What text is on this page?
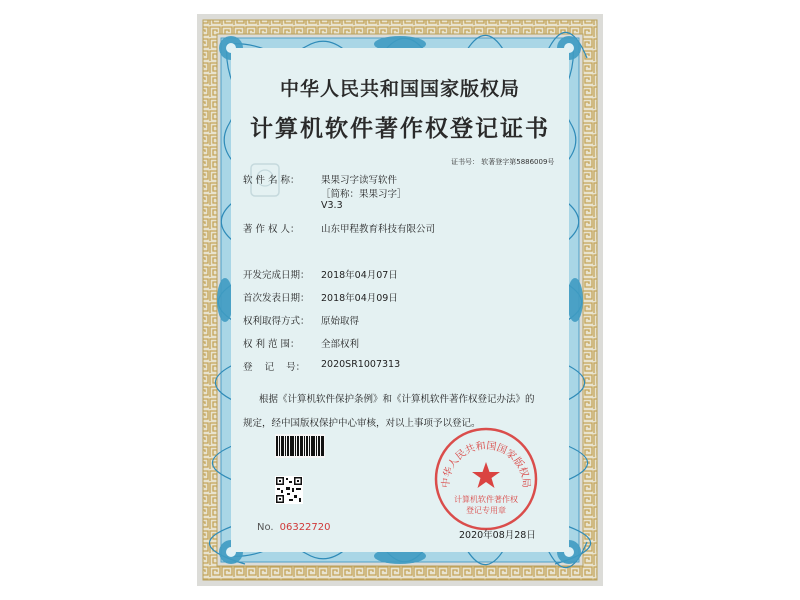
中华人民共和国国家版权局
计算机软件著作权登记证书
证书号： 软著登字第5886009号
软 件 名 称： 果果习字读写软件
［简称：果果习字］
V3.3
著 作 权 人： 山东甲程教育科技有限公司
开发完成日期： 2018年04月07日
首次发表日期： 2018年04月09日
权利取得方式： 原始取得
权 利 范 围： 全部权利
登    记    号： 2020SR1007313
根据《计算机软件保护条例》和《计算机软件著作权登记办法》的
规定，经中国版权保护中心审核，对以上事项予以登记。
No. 06322720
中华人民共和国国家版权局
计算机软件著作权
登记专用章
2020年08月28日
